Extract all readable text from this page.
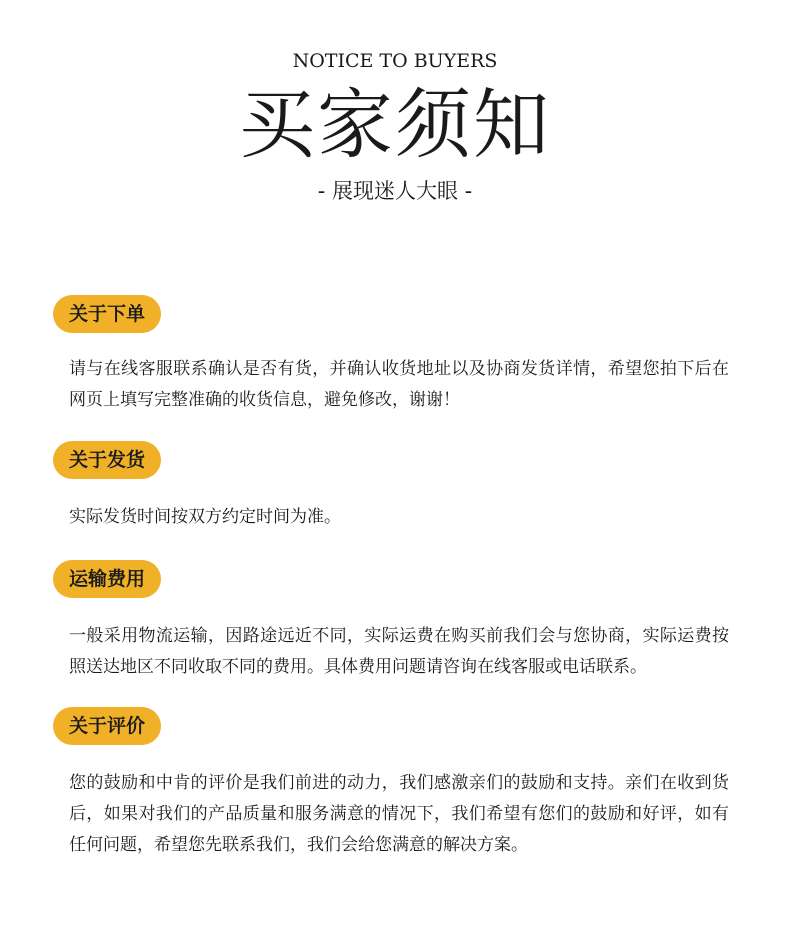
NOTICE TO BUYERS
买家须知
- 展现迷人大眼 -
关于下单
请与在线客服联系确认是否有货，并确认收货地址以及协商发货详情，希望您拍下后在网页上填写完整准确的收货信息，避免修改，谢谢！
关于发货
实际发货时间按双方约定时间为准。
运输费用
一般采用物流运输，因路途远近不同，实际运费在购买前我们会与您协商，实际运费按照送达地区不同收取不同的费用。具体费用问题请咨询在线客服或电话联系。
关于评价
您的鼓励和中肯的评价是我们前进的动力，我们感激亲们的鼓励和支持。亲们在收到货后，如果对我们的产品质量和服务满意的情况下，我们希望有您们的鼓励和好评，如有任何问题，希望您先联系我们，我们会给您满意的解决方案。
